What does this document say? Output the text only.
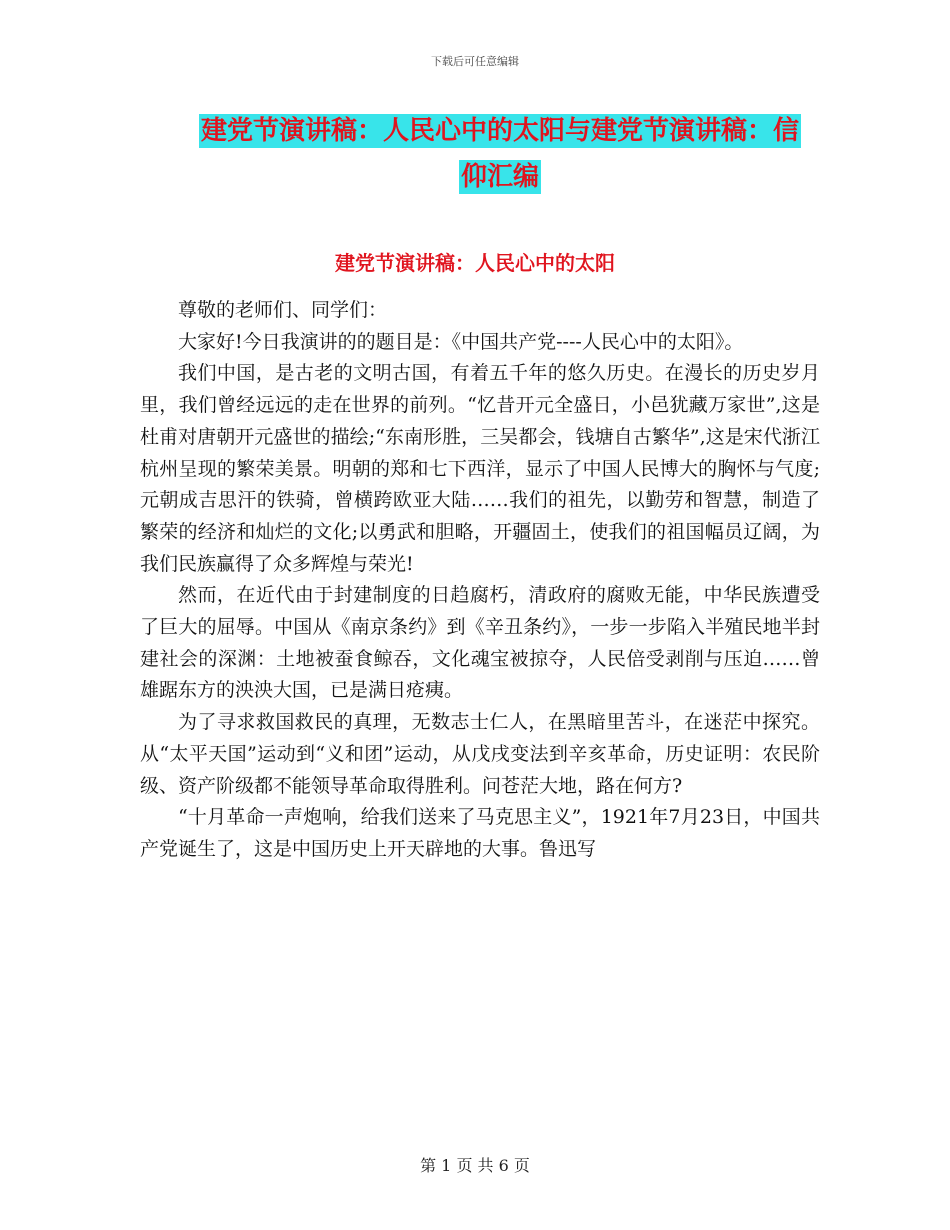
下载后可任意编辑
建党节演讲稿：人民心中的太阳与建党节演讲稿：信
仰汇编
建党节演讲稿：人民心中的太阳

尊敬的老师们、同学们：

大家好!今日我演讲的的题目是：《中国共产党----人民心中的太阳》。

我们中国，是古老的文明古国，有着五千年的悠久历史。在漫长的历史岁月里，我们曾经远远的走在世界的前列。“忆昔开元全盛日，小邑犹藏万家世”,这是杜甫对唐朝开元盛世的描绘;“东南形胜，三吴都会，钱塘自古繁华”,这是宋代浙江杭州呈现的繁荣美景。明朝的郑和七下西洋，显示了中国人民博大的胸怀与气度;元朝成吉思汗的铁骑，曾横跨欧亚大陆……我们的祖先，以勤劳和智慧，制造了繁荣的经济和灿烂的文化;以勇武和胆略，开疆固土，使我们的祖国幅员辽阔，为我们民族赢得了众多辉煌与荣光!

然而，在近代由于封建制度的日趋腐朽，清政府的腐败无能，中华民族遭受了巨大的屈辱。中国从《南京条约》到《辛丑条约》，一步一步陷入半殖民地半封建社会的深渊：土地被蚕食鲸吞，文化魂宝被掠夺，人民倍受剥削与压迫……曾雄踞东方的泱泱大国，已是满日疮痍。

为了寻求救国救民的真理，无数志士仁人，在黑暗里苦斗，在迷茫中探究。从“太平天国”运动到“义和团”运动，从戊戌变法到辛亥革命，历史证明：农民阶级、资产阶级都不能领导革命取得胜利。问苍茫大地，路在何方?

“十月革命一声炮响，给我们送来了马克思主义”，1921年7月23日，中国共产党诞生了，这是中国历史上开天辟地的大事。鲁迅写

第 1 页 共 6 页
